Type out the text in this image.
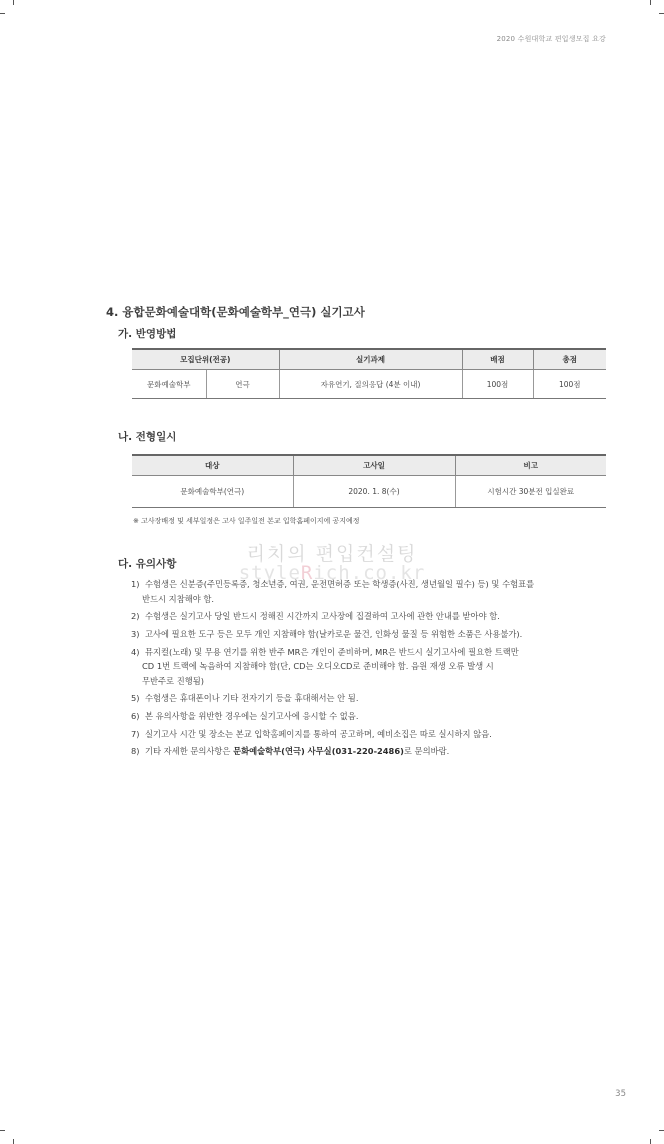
2020 수원대학교 편입생모집 요강
4. 융합문화예술대학(문화예술학부_연극) 실기고사
가. 반영방법
모집단위(전공)		실기과제	배점	총점
문화예술학부	연극	자유연기, 질의응답 (4분 이내)	100점	100점
나. 전형일시
대상	고사일	비고
문화예술학부(연극)	2020. 1. 8(수)	시험시간 30분전 입실완료
※ 고사장배정 및 세부일정은 고사 일주일전 본교 입학홈페이지에 공지예정
리치의 편입컨설팅
styleRich.co.kr
다. 유의사항
1) 수험생은 신분증(주민등록증, 청소년증, 여권, 운전면허증 또는 학생증(사진, 생년월일 필수) 등) 및 수험표를
반드시 지참해야 함.
2) 수험생은 실기고사 당일 반드시 정해진 시간까지 고사장에 집결하여 고사에 관한 안내를 받아야 함.
3) 고사에 필요한 도구 등은 모두 개인 지참해야 함(날카로운 물건, 인화성 물질 등 위험한 소품은 사용불가).
4) 뮤지컬(노래) 및 무용 연기를 위한 반주 MR은 개인이 준비하며, MR은 반드시 실기고사에 필요한 트랙만
CD 1번 트랙에 녹음하여 지참해야 함(단, CD는 오디오CD로 준비해야 함. 음원 재생 오류 발생 시
무반주로 진행됨)
5) 수험생은 휴대폰이나 기타 전자기기 등을 휴대해서는 안 됨.
6) 본 유의사항을 위반한 경우에는 실기고사에 응시할 수 없음.
7) 실기고사 시간 및 장소는 본교 입학홈페이지를 통하여 공고하며, 예비소집은 따로 실시하지 않음.
8) 기타 자세한 문의사항은 문화예술학부(연극) 사무실(031-220-2486)로 문의바람.
35
